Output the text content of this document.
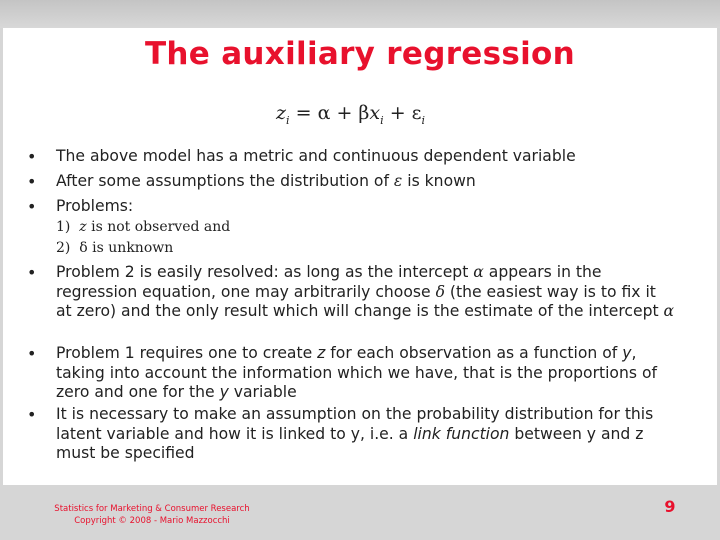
The auxiliary regression
$z_i = \alpha + \beta x_i + \varepsilon_i$
•
•
•
•
•
•
The above model has a metric and continuous dependent variable
After some assumptions the distribution of ε is known
Problems:
1) z is not observed and
2) δ is unknown
Problem 2 is easily resolved: as long as the intercept α appears in the regression equation, one may arbitrarily choose δ (the easiest way is to fix it at zero) and the only result which will change is the estimate of the intercept α
Problem 1 requires one to create z for each observation as a function of y, taking into account the information which we have, that is the proportions of zero and one for the y variable
It is necessary to make an assumption on the probability distribution for this latent variable and how it is linked to y, i.e. a link function between y and z must be specified
Statistics for Marketing & Consumer Research
Copyright © 2008 - Mario Mazzocchi
9
